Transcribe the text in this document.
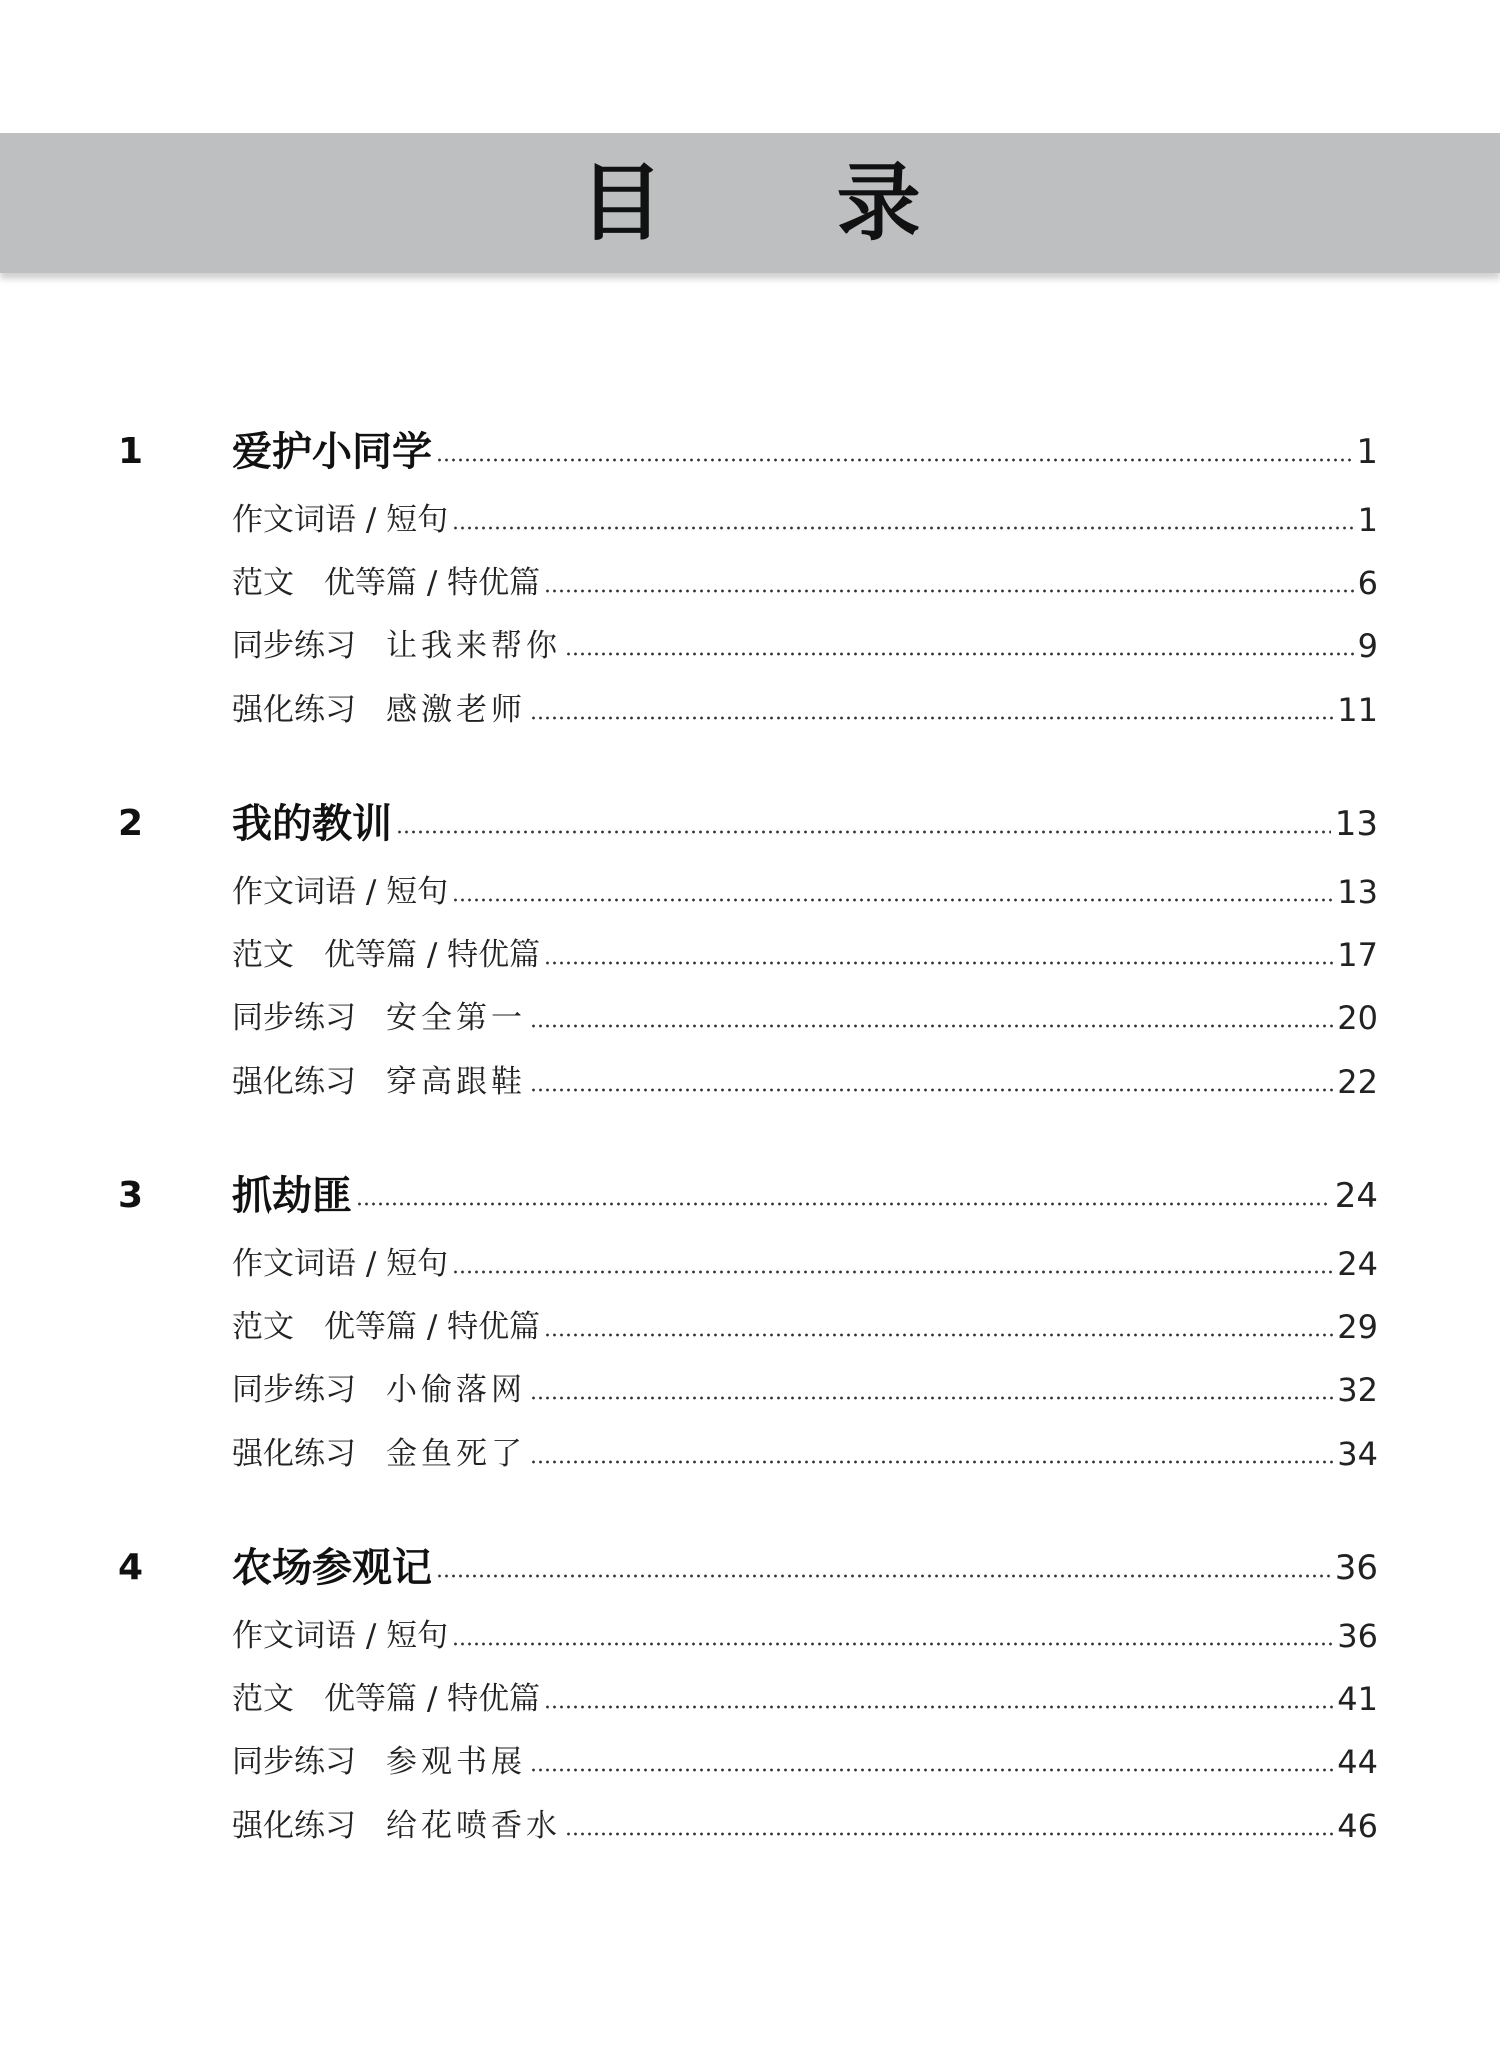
目 录
1 爱护小同学	1
作文词语 / 短句	1
范文 优等篇 / 特优篇	6
同步练习 让我来帮你	9
强化练习 感激老师	11
2 我的教训	13
作文词语 / 短句	13
范文 优等篇 / 特优篇	17
同步练习 安全第一	20
强化练习 穿高跟鞋	22
3 抓劫匪	24
作文词语 / 短句	24
范文 优等篇 / 特优篇	29
同步练习 小偷落网	32
强化练习 金鱼死了	34
4 农场参观记	36
作文词语 / 短句	36
范文 优等篇 / 特优篇	41
同步练习 参观书展	44
强化练习 给花喷香水	46
